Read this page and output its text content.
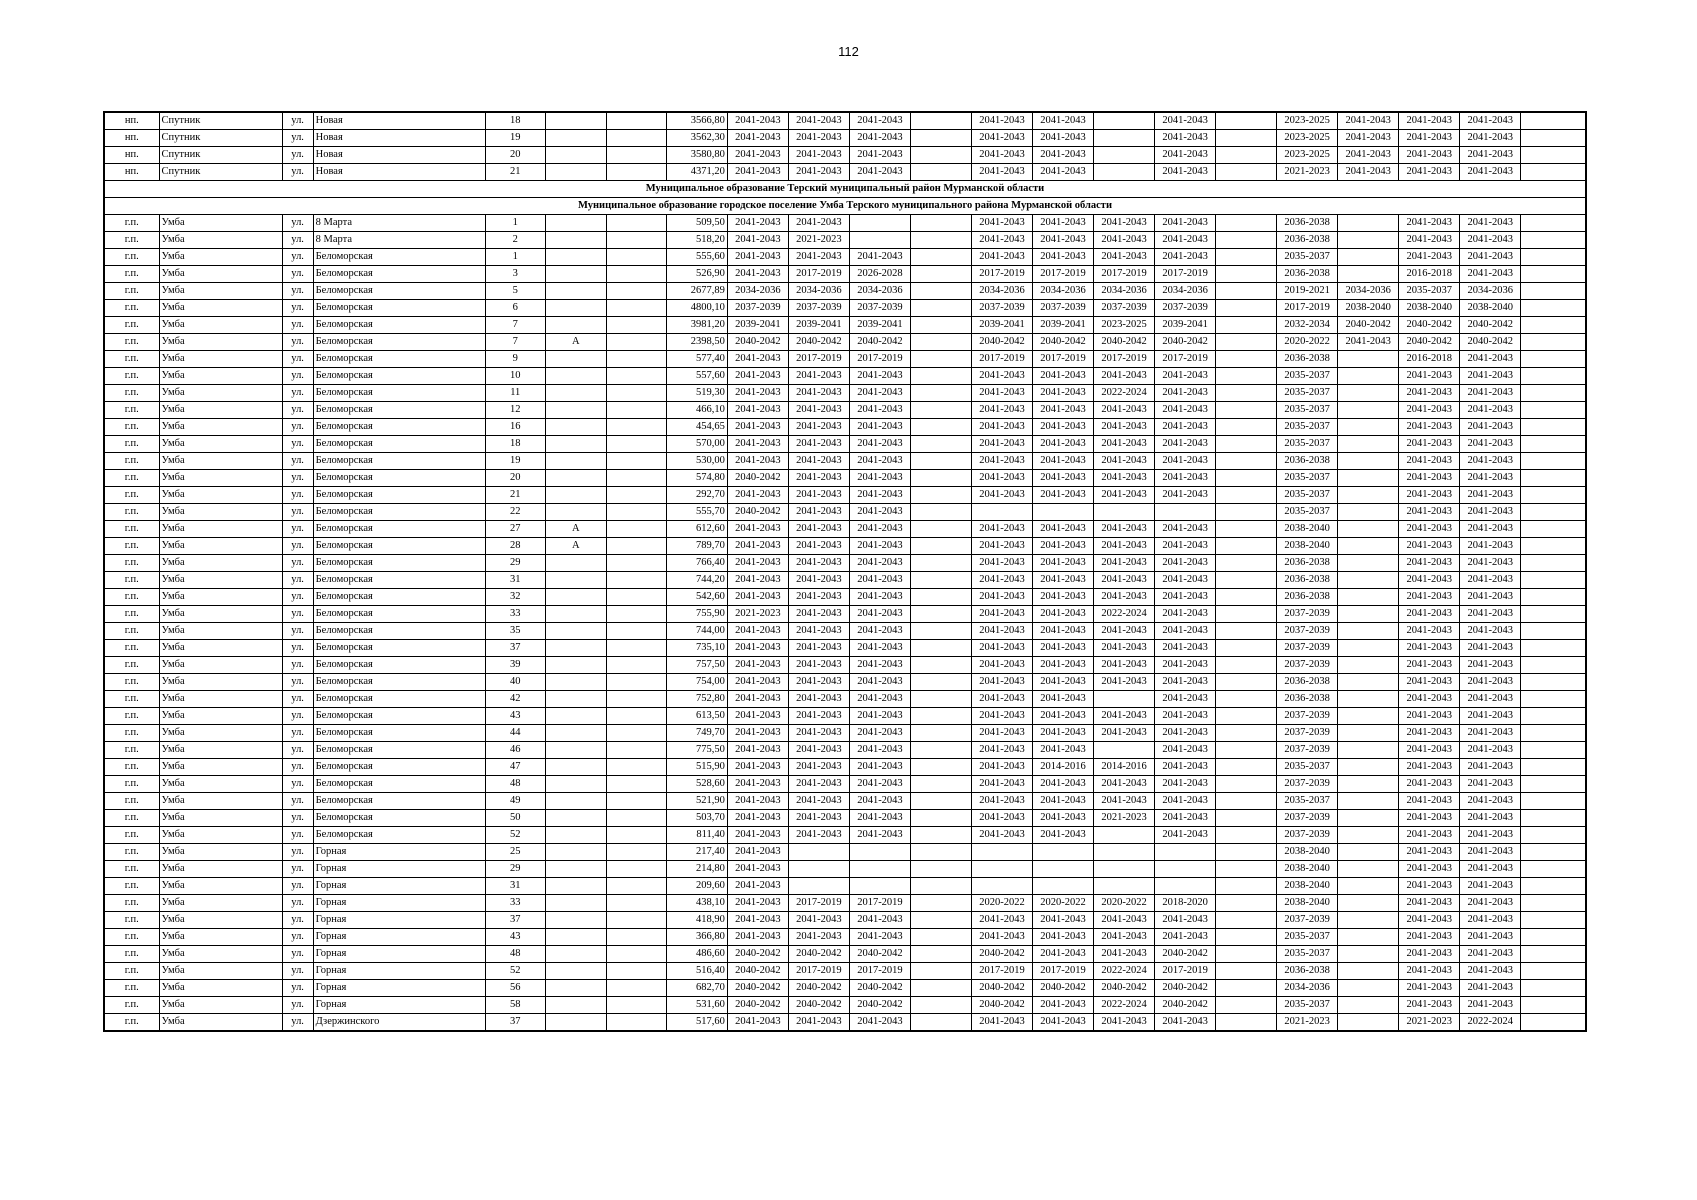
112
нп.	Спутник	ул.	Новая	18			3566,80	2041-2043	2041-2043	2041-2043		2041-2043	2041-2043		2041-2043		2023-2025	2041-2043	2041-2043	2041-2043	
нп.	Спутник	ул.	Новая	19			3562,30	2041-2043	2041-2043	2041-2043		2041-2043	2041-2043		2041-2043		2023-2025	2041-2043	2041-2043	2041-2043	
нп.	Спутник	ул.	Новая	20			3580,80	2041-2043	2041-2043	2041-2043		2041-2043	2041-2043		2041-2043		2023-2025	2041-2043	2041-2043	2041-2043	
нп.	Спутник	ул.	Новая	21			4371,20	2041-2043	2041-2043	2041-2043		2041-2043	2041-2043		2041-2043		2021-2023	2041-2043	2041-2043	2041-2043	
Муниципальное образование Терский муниципальный район Мурманской области																					
Муниципальное образование городское поселение Умба Терского муниципального района Мурманской области																					
г.п.	Умба	ул.	8 Марта	1			509,50	2041-2043	2041-2043			2041-2043	2041-2043	2041-2043	2041-2043		2036-2038		2041-2043	2041-2043	
г.п.	Умба	ул.	8 Марта	2			518,20	2041-2043	2021-2023			2041-2043	2041-2043	2041-2043	2041-2043		2036-2038		2041-2043	2041-2043	
г.п.	Умба	ул.	Беломорская	1			555,60	2041-2043	2041-2043	2041-2043		2041-2043	2041-2043	2041-2043	2041-2043		2035-2037		2041-2043	2041-2043	
г.п.	Умба	ул.	Беломорская	3			526,90	2041-2043	2017-2019	2026-2028		2017-2019	2017-2019	2017-2019	2017-2019		2036-2038		2016-2018	2041-2043	
г.п.	Умба	ул.	Беломорская	5			2677,89	2034-2036	2034-2036	2034-2036		2034-2036	2034-2036	2034-2036	2034-2036		2019-2021	2034-2036	2035-2037	2034-2036	
г.п.	Умба	ул.	Беломорская	6			4800,10	2037-2039	2037-2039	2037-2039		2037-2039	2037-2039	2037-2039	2037-2039		2017-2019	2038-2040	2038-2040	2038-2040	
г.п.	Умба	ул.	Беломорская	7			3981,20	2039-2041	2039-2041	2039-2041		2039-2041	2039-2041	2023-2025	2039-2041		2032-2034	2040-2042	2040-2042	2040-2042	
г.п.	Умба	ул.	Беломорская	7	А		2398,50	2040-2042	2040-2042	2040-2042		2040-2042	2040-2042	2040-2042	2040-2042		2020-2022	2041-2043	2040-2042	2040-2042	
г.п.	Умба	ул.	Беломорская	9			577,40	2041-2043	2017-2019	2017-2019		2017-2019	2017-2019	2017-2019	2017-2019		2036-2038		2016-2018	2041-2043	
г.п.	Умба	ул.	Беломорская	10			557,60	2041-2043	2041-2043	2041-2043		2041-2043	2041-2043	2041-2043	2041-2043		2035-2037		2041-2043	2041-2043	
г.п.	Умба	ул.	Беломорская	11			519,30	2041-2043	2041-2043	2041-2043		2041-2043	2041-2043	2022-2024	2041-2043		2035-2037		2041-2043	2041-2043	
г.п.	Умба	ул.	Беломорская	12			466,10	2041-2043	2041-2043	2041-2043		2041-2043	2041-2043	2041-2043	2041-2043		2035-2037		2041-2043	2041-2043	
г.п.	Умба	ул.	Беломорская	16			454,65	2041-2043	2041-2043	2041-2043		2041-2043	2041-2043	2041-2043	2041-2043		2035-2037		2041-2043	2041-2043	
г.п.	Умба	ул.	Беломорская	18			570,00	2041-2043	2041-2043	2041-2043		2041-2043	2041-2043	2041-2043	2041-2043		2035-2037		2041-2043	2041-2043	
г.п.	Умба	ул.	Беломорская	19			530,00	2041-2043	2041-2043	2041-2043		2041-2043	2041-2043	2041-2043	2041-2043		2036-2038		2041-2043	2041-2043	
г.п.	Умба	ул.	Беломорская	20			574,80	2040-2042	2041-2043	2041-2043		2041-2043	2041-2043	2041-2043	2041-2043		2035-2037		2041-2043	2041-2043	
г.п.	Умба	ул.	Беломорская	21			292,70	2041-2043	2041-2043	2041-2043		2041-2043	2041-2043	2041-2043	2041-2043		2035-2037		2041-2043	2041-2043	
г.п.	Умба	ул.	Беломорская	22			555,70	2040-2042	2041-2043	2041-2043							2035-2037		2041-2043	2041-2043	
г.п.	Умба	ул.	Беломорская	27	А		612,60	2041-2043	2041-2043	2041-2043		2041-2043	2041-2043	2041-2043	2041-2043		2038-2040		2041-2043	2041-2043	
г.п.	Умба	ул.	Беломорская	28	А		789,70	2041-2043	2041-2043	2041-2043		2041-2043	2041-2043	2041-2043	2041-2043		2038-2040		2041-2043	2041-2043	
г.п.	Умба	ул.	Беломорская	29			766,40	2041-2043	2041-2043	2041-2043		2041-2043	2041-2043	2041-2043	2041-2043		2036-2038		2041-2043	2041-2043	
г.п.	Умба	ул.	Беломорская	31			744,20	2041-2043	2041-2043	2041-2043		2041-2043	2041-2043	2041-2043	2041-2043		2036-2038		2041-2043	2041-2043	
г.п.	Умба	ул.	Беломорская	32			542,60	2041-2043	2041-2043	2041-2043		2041-2043	2041-2043	2041-2043	2041-2043		2036-2038		2041-2043	2041-2043	
г.п.	Умба	ул.	Беломорская	33			755,90	2021-2023	2041-2043	2041-2043		2041-2043	2041-2043	2022-2024	2041-2043		2037-2039		2041-2043	2041-2043	
г.п.	Умба	ул.	Беломорская	35			744,00	2041-2043	2041-2043	2041-2043		2041-2043	2041-2043	2041-2043	2041-2043		2037-2039		2041-2043	2041-2043	
г.п.	Умба	ул.	Беломорская	37			735,10	2041-2043	2041-2043	2041-2043		2041-2043	2041-2043	2041-2043	2041-2043		2037-2039		2041-2043	2041-2043	
г.п.	Умба	ул.	Беломорская	39			757,50	2041-2043	2041-2043	2041-2043		2041-2043	2041-2043	2041-2043	2041-2043		2037-2039		2041-2043	2041-2043	
г.п.	Умба	ул.	Беломорская	40			754,00	2041-2043	2041-2043	2041-2043		2041-2043	2041-2043	2041-2043	2041-2043		2036-2038		2041-2043	2041-2043	
г.п.	Умба	ул.	Беломорская	42			752,80	2041-2043	2041-2043	2041-2043		2041-2043	2041-2043		2041-2043		2036-2038		2041-2043	2041-2043	
г.п.	Умба	ул.	Беломорская	43			613,50	2041-2043	2041-2043	2041-2043		2041-2043	2041-2043	2041-2043	2041-2043		2037-2039		2041-2043	2041-2043	
г.п.	Умба	ул.	Беломорская	44			749,70	2041-2043	2041-2043	2041-2043		2041-2043	2041-2043	2041-2043	2041-2043		2037-2039		2041-2043	2041-2043	
г.п.	Умба	ул.	Беломорская	46			775,50	2041-2043	2041-2043	2041-2043		2041-2043	2041-2043		2041-2043		2037-2039		2041-2043	2041-2043	
г.п.	Умба	ул.	Беломорская	47			515,90	2041-2043	2041-2043	2041-2043		2041-2043	2014-2016	2014-2016	2041-2043		2035-2037		2041-2043	2041-2043	
г.п.	Умба	ул.	Беломорская	48			528,60	2041-2043	2041-2043	2041-2043		2041-2043	2041-2043	2041-2043	2041-2043		2037-2039		2041-2043	2041-2043	
г.п.	Умба	ул.	Беломорская	49			521,90	2041-2043	2041-2043	2041-2043		2041-2043	2041-2043	2041-2043	2041-2043		2035-2037		2041-2043	2041-2043	
г.п.	Умба	ул.	Беломорская	50			503,70	2041-2043	2041-2043	2041-2043		2041-2043	2041-2043	2021-2023	2041-2043		2037-2039		2041-2043	2041-2043	
г.п.	Умба	ул.	Беломорская	52			811,40	2041-2043	2041-2043	2041-2043		2041-2043	2041-2043		2041-2043		2037-2039		2041-2043	2041-2043	
г.п.	Умба	ул.	Горная	25			217,40	2041-2043									2038-2040		2041-2043	2041-2043	
г.п.	Умба	ул.	Горная	29			214,80	2041-2043									2038-2040		2041-2043	2041-2043	
г.п.	Умба	ул.	Горная	31			209,60	2041-2043									2038-2040		2041-2043	2041-2043	
г.п.	Умба	ул.	Горная	33			438,10	2041-2043	2017-2019	2017-2019		2020-2022	2020-2022	2020-2022	2018-2020		2038-2040		2041-2043	2041-2043	
г.п.	Умба	ул.	Горная	37			418,90	2041-2043	2041-2043	2041-2043		2041-2043	2041-2043	2041-2043	2041-2043		2037-2039		2041-2043	2041-2043	
г.п.	Умба	ул.	Горная	43			366,80	2041-2043	2041-2043	2041-2043		2041-2043	2041-2043	2041-2043	2041-2043		2035-2037		2041-2043	2041-2043	
г.п.	Умба	ул.	Горная	48			486,60	2040-2042	2040-2042	2040-2042		2040-2042	2041-2043	2041-2043	2040-2042		2035-2037		2041-2043	2041-2043	
г.п.	Умба	ул.	Горная	52			516,40	2040-2042	2017-2019	2017-2019		2017-2019	2017-2019	2022-2024	2017-2019		2036-2038		2041-2043	2041-2043	
г.п.	Умба	ул.	Горная	56			682,70	2040-2042	2040-2042	2040-2042		2040-2042	2040-2042	2040-2042	2040-2042		2034-2036		2041-2043	2041-2043	
г.п.	Умба	ул.	Горная	58			531,60	2040-2042	2040-2042	2040-2042		2040-2042	2041-2043	2022-2024	2040-2042		2035-2037		2041-2043	2041-2043	
г.п.	Умба	ул.	Дзержинского	37			517,60	2041-2043	2041-2043	2041-2043		2041-2043	2041-2043	2041-2043	2041-2043		2021-2023		2021-2023	2022-2024	
